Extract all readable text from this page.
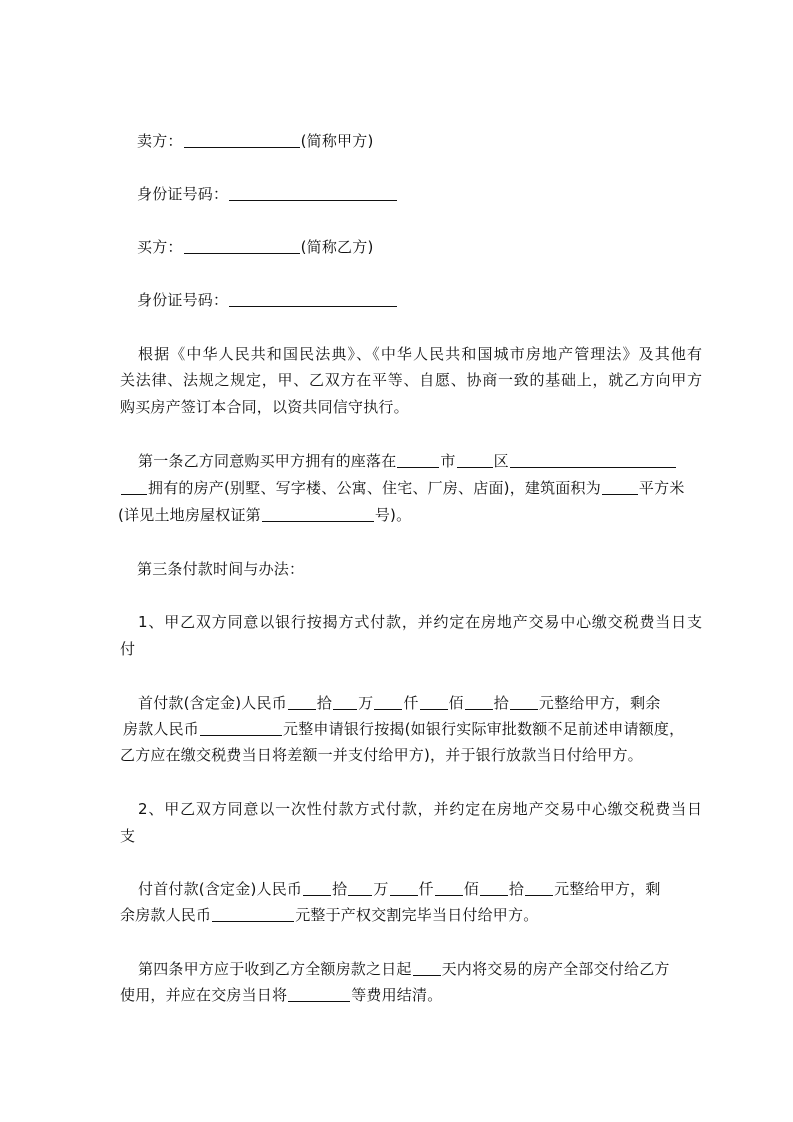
卖方：	(简称甲方)
身份证号码：
买方：	(简称乙方)
身份证号码：
根据《中华人民共和国民法典》、《中华人民共和国城市房地产管理法》及其他有
关法律、法规之规定，甲、乙双方在平等、自愿、协商一致的基础上，就乙方向甲方
购买房产签订本合同，以资共同信守执行。
第一条乙方同意购买甲方拥有的座落在	市	区
拥有的房产(别墅、写字楼、公寓、住宅、厂房、店面)，建筑面积为	平方米
(详见土地房屋权证第	号)。
第三条付款时间与办法：
1、甲乙双方同意以银行按揭方式付款，并约定在房地产交易中心缴交税费当日支
付
首付款(含定金)人民币 拾 万 仟 佰 拾 元整给甲方，剩余
房款人民币	元整申请银行按揭(如银行实际审批数额不足前述申请额度，
乙方应在缴交税费当日将差额一并支付给甲方)，并于银行放款当日付给甲方。
2、甲乙双方同意以一次性付款方式付款，并约定在房地产交易中心缴交税费当日
支
付首付款(含定金)人民币 拾 万 仟 佰 拾 元整给甲方，剩
余房款人民币	元整于产权交割完毕当日付给甲方。
第四条甲方应于收到乙方全额房款之日起 天内将交易的房产全部交付给乙方
使用，并应在交房当日将	等费用结清。
